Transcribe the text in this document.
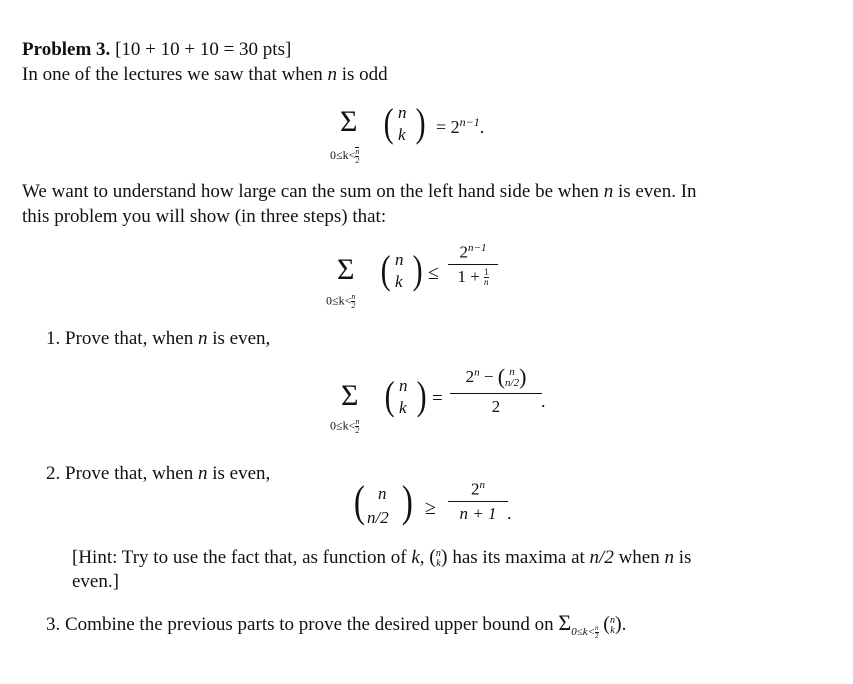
Problem 3. [10 + 10 + 10 = 30 pts]
In one of the lectures we saw that when n is odd
Σ
$0\le k< \frac{n}{2}$
( n
k ) = $2^{n-1}$.
We want to understand how large can the sum on the left hand side be when n is even. In
this problem you will show (in three steps) that:
Σ
$0\le k< \frac{n}{2}$
( n
k ) ≤ $\frac{2^{n-1}}{1 + \frac{1}{n}}$
1. Prove that, when n is even,
Σ
$0\le k< \frac{n}{2}$
( n
k ) = $2^n$ − ( n
n/2 )
2 .
2. Prove that, when n is even,
( n
n/2 ) ≥ $\frac{2^n}{n + 1}$ .
[Hint: Try to use the fact that, as function of k, ( n
k ) has its maxima at n/2 when n is
even.]
3. Combine the previous parts to prove the desired upper bound on $\Sigma_{0\le k< \frac{n}{2}}$ ( n
k ).
